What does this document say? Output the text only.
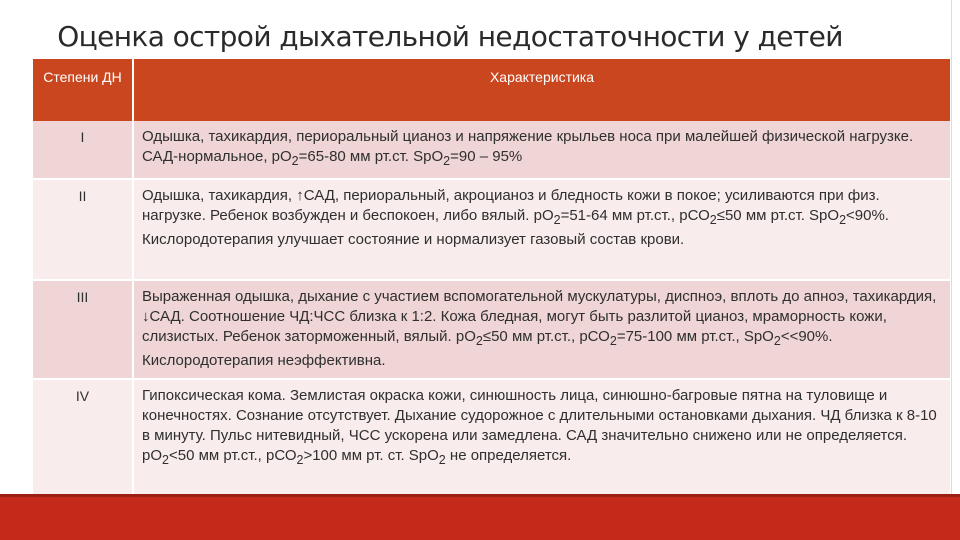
Оценка острой дыхательной недостаточности у детей
Степени ДН	Характеристика
I	Одышка, тахикардия, периоральный цианоз и напряжение крыльев носа при малейшей физической нагрузке. САД-нормальное, $рО_2=65-80$ мм рт.ст. SpO$_2$=90 – 95%
II	Одышка, тахикардия, ↑САД, периоральный, акроцианоз и бледность кожи в покое; усиливаются при физ. нагрузке. Ребенок возбужден и беспокоен, либо вялый. $рО_2=51-64$ мм рт.ст., рСО$_2$≤50 мм рт.ст. SpO$_2$<90%. Кислородотерапия улучшает состояние и нормализует газовый состав крови.
III	Выраженная одышка, дыхание с участием вспомогательной мускулатуры, диспноэ, вплоть до апноэ, тахикардия, ↓САД. Соотношение ЧД:ЧСС близка к 1:2. Кожа бледная, могут быть разлитой цианоз, мраморность кожи, слизистых. Ребенок заторможенный, вялый. $рО_2\le 50$ мм рт.ст., рСО$_2$=75-100 мм рт.ст., SpO$_2$<<90%. Кислородотерапия неэффективна.
IV	Гипоксическая кома. Землистая окраска кожи, синюшность лица, синюшно-багровые пятна на туловище и конечностях. Сознание отсутствует. Дыхание судорожное с длительными остановками дыхания. ЧД близка к 8-10 в минуту. Пульс нитевидный, ЧСС ускорена или замедлена. САД значительно снижено или не определяется. $рО_2<50$ мм рт.ст., рСО$_2$>100 мм рт. ст. SpO$_2$ не определяется.
